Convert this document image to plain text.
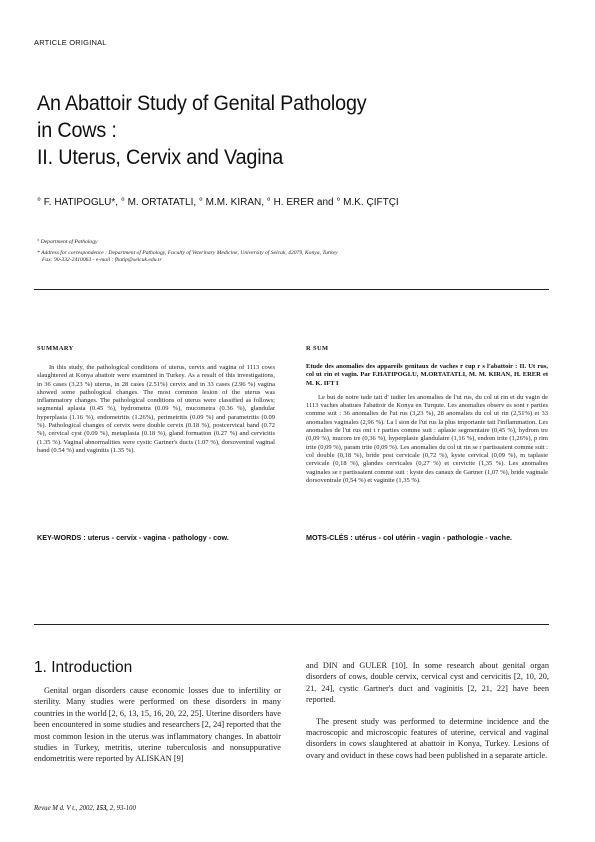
ARTICLE ORIGINAL
An Abattoir Study of Genital Pathology
in Cows :
II. Uterus, Cervix and Vagina
° F. HATIPOGLU*, ° M. ORTATATLI, ° M.M. KIRAN, ° H. ERER and ° M.K. ÇIFTÇI

° Department of Pathology

* Address for correspondence : Department of Pathology, Faculty of Veterinary Medicine, University of Selcuk, 42079, Konya, Turkey
Fax: 90-332-2410063 - e-mail : fhatip@selcuk.edu.tr
SUMMARY

In this study, the pathological conditions of uterus, cervix and vagina of 1113 cows slaughtered at Konya abattoir were examined in Turkey. As a result of this investigations, in 36 cases (3.23 %) uterus, in 28 cases (2.51%) cervix and in 33 cases (2.96 %) vagina showed some pathological changes. The most common lesion of the uterus was inflammatory changes. The pathological conditions of uterus were classified as follows; segmental aplasia (0.45 %), hydrometra (0.09 %), mucometra (0.36 %), glandular hyperplasia (1.16 %), endometritis (1.26%), perimetritis (0.09 %) and parametritis (0.09 %). Pathological changes of cervix were double cervix (0.18 %), postcervical band (0.72 %), cervical cyst (0.09 %), metaplasia (0.18 %), gland formation (0.27 %) and cervicitis (1.35 %). Vaginal abnormalities were cystic Gartner's ducts (1.07 %), dorsoventral vaginal band (0.54 %) and vaginitis (1.35 %).

KEY-WORDS : uterus - cervix - vagina - pathology - cow.
R SUM
Etude des anomalies des appareils genitaux de vaches r cup r s l'abattoir : II. Ut rus, col ut rin et vagin. Par F.HATIPOGLU, M.ORTATATLI, M. M. KIRAN, H. ERER et M. K. IFT I

Le but de notre tude tait d' tudier les anomalies de l'ut rus, du col ut rin et du vagin de 1113 vaches abattues l'abattoir de Konya en Turquie. Les anomalies observ es sont r parties comme suit : 36 anomalies de l'ut rus (3,23 %), 28 anomalies du col ut rin (2,51%) et 33 anomalies vaginales (2,96 %). La l sion de l'ut rus la plus importante tait l'inflammation. Les anomalies de l'ut rus ont t r parties comme suit : aplasie segmentaire (0,45 %), hydrom tre (0,09 %), mucom tre (0,36 %), hyperplasie glandulaire (1,16 %), endom trite (1,26%), p rim trite (0,09 %), param trite (0,09 %). Les anomalies du col ut rin se r partissaient comme suit : col double (0,18 %), bride post cervicale (0,72 %), kyste cervical (0,09 %), m taplasie cervicale (0,18 %), glandes cervicales (0,27 %) et cervicite (1,35 %). Les anomalies vaginales se r partissaient comme suit : kyste des canaux de Gartner (1,07 %), bride vaginale dorsoventrale (0,54 %) et vaginite (1,35 %).

MOTS-CLÉS : utérus - col utérin - vagin - pathologie - vache.
1. Introduction

Genital organ disorders cause economic losses due to infertility or sterility. Many studies were performed on these disorders in many countries in the world [2, 6, 13, 15, 16, 20, 22, 25]. Uterine disorders have been encountered in some studies and researchers [2, 24] reported that the most common lesion in the uterus was inflammatory changes. In abattoir studies in Turkey, metritis, uterine tuberculosis and nonsuppurative endometritis were reported by ALISKAN [9]

and DIN and GULER [10]. In some research about genital organ disorders of cows, double cervix, cervical cyst and cervicitis [2, 10, 20, 21, 24], cystic Gartner's duct and vaginitis [2, 21, 22] have been reported.

The present study was performed to determine incidence and the macroscopic and microscopic features of uterine, cervical and vaginal disorders in cows slaughtered at abattoir in Konya, Turkey. Lesions of ovary and oviduct in these cows had been published in a separate article.

Revue M d. V t., 2002, 153, 2, 93-100
